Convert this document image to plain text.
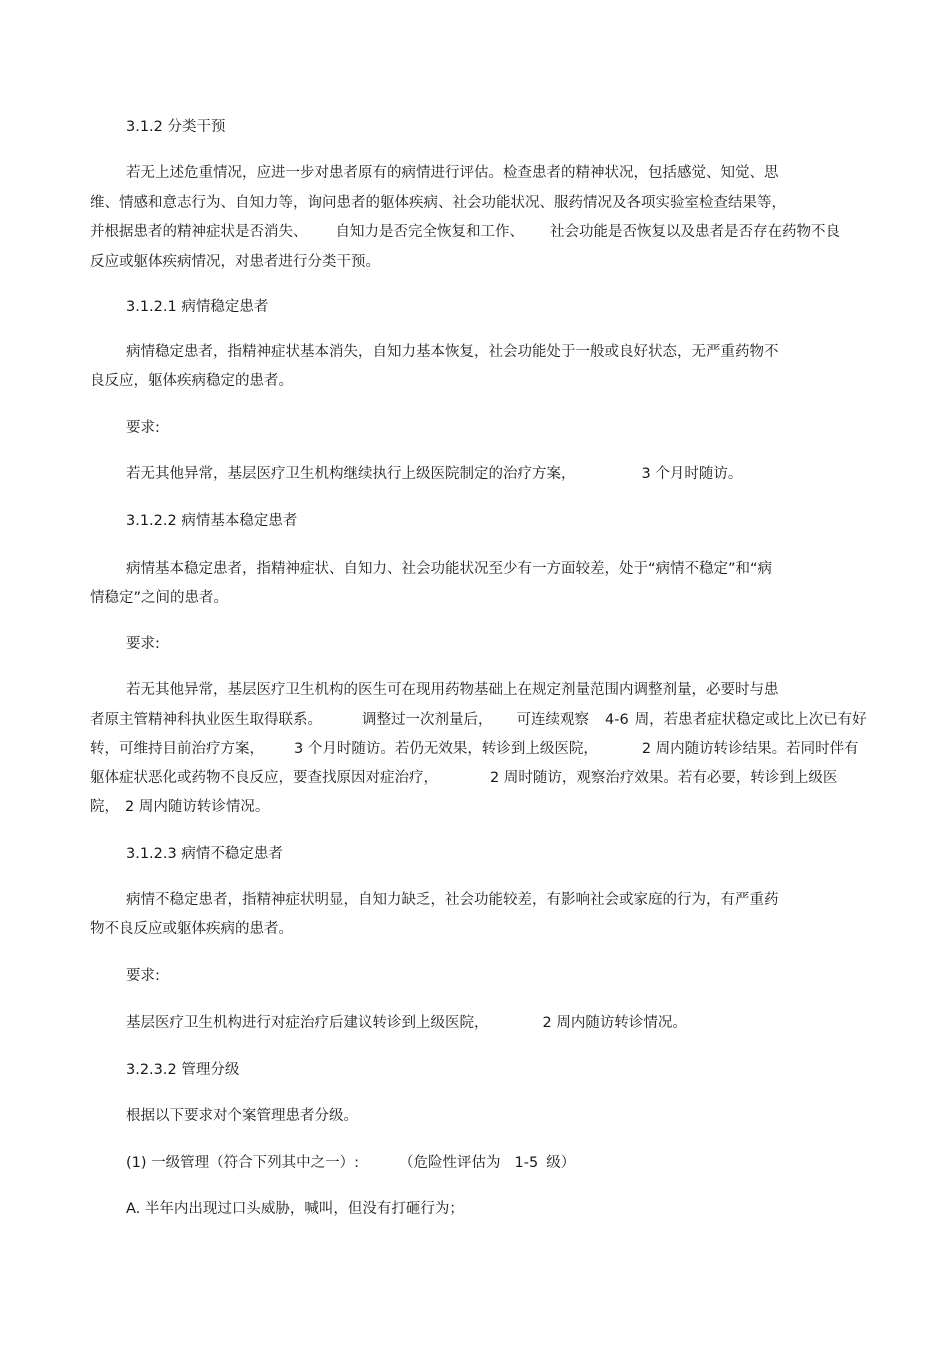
3.1.2 分类干预

若无上述危重情况，应进一步对患者原有的病情进行评估。检查患者的精神状况，包括感觉、知觉、思

维、情感和意志行为、自知力等，询问患者的躯体疾病、社会功能状况、服药情况及各项实验室检查结果等，

并根据患者的精神症状是否消失、 自知力是否完全恢复和工作、 社会功能是否恢复以及患者是否存在药物不良

反应或躯体疾病情况，对患者进行分类干预。

3.1.2.1 病情稳定患者

病情稳定患者，指精神症状基本消失，自知力基本恢复，社会功能处于一般或良好状态，无严重药物不

良反应，躯体疾病稳定的患者。

要求:

若无其他异常，基层医疗卫生机构继续执行上级医院制定的治疗方案，	3 个月时随访。

3.1.2.2 病情基本稳定患者

病情基本稳定患者，指精神症状、自知力、社会功能状况至少有一方面较差，处于“病情不稳定”和“病

情稳定”之间的患者。

要求:

若无其他异常，基层医疗卫生机构的医生可在现用药物基础上在规定剂量范围内调整剂量，必要时与患

者原主管精神科执业医生取得联系。	调整过一次剂量后， 可连续观察 4-6 周，若患者症状稳定或比上次已有好

转，可维持目前治疗方案， 3 个月时随访。若仍无效果，转诊到上级医院，	2 周内随访转诊结果。若同时伴有

躯体症状恶化或药物不良反应，要查找原因对症治疗，	2 周时随访，观察治疗效果。若有必要，转诊到上级医

院， 2 周内随访转诊情况。

3.1.2.3 病情不稳定患者

病情不稳定患者，指精神症状明显，自知力缺乏，社会功能较差，有影响社会或家庭的行为，有严重药

物不良反应或躯体疾病的患者。

要求:

基层医疗卫生机构进行对症治疗后建议转诊到上级医院，	2 周内随访转诊情况。

3.2.3.2 管理分级

根据以下要求对个案管理患者分级。

(1) 一级管理（符合下列其中之一）:	（危险性评估为 1-5 级）

A. 半年内出现过口头威胁，喊叫，但没有打砸行为；
